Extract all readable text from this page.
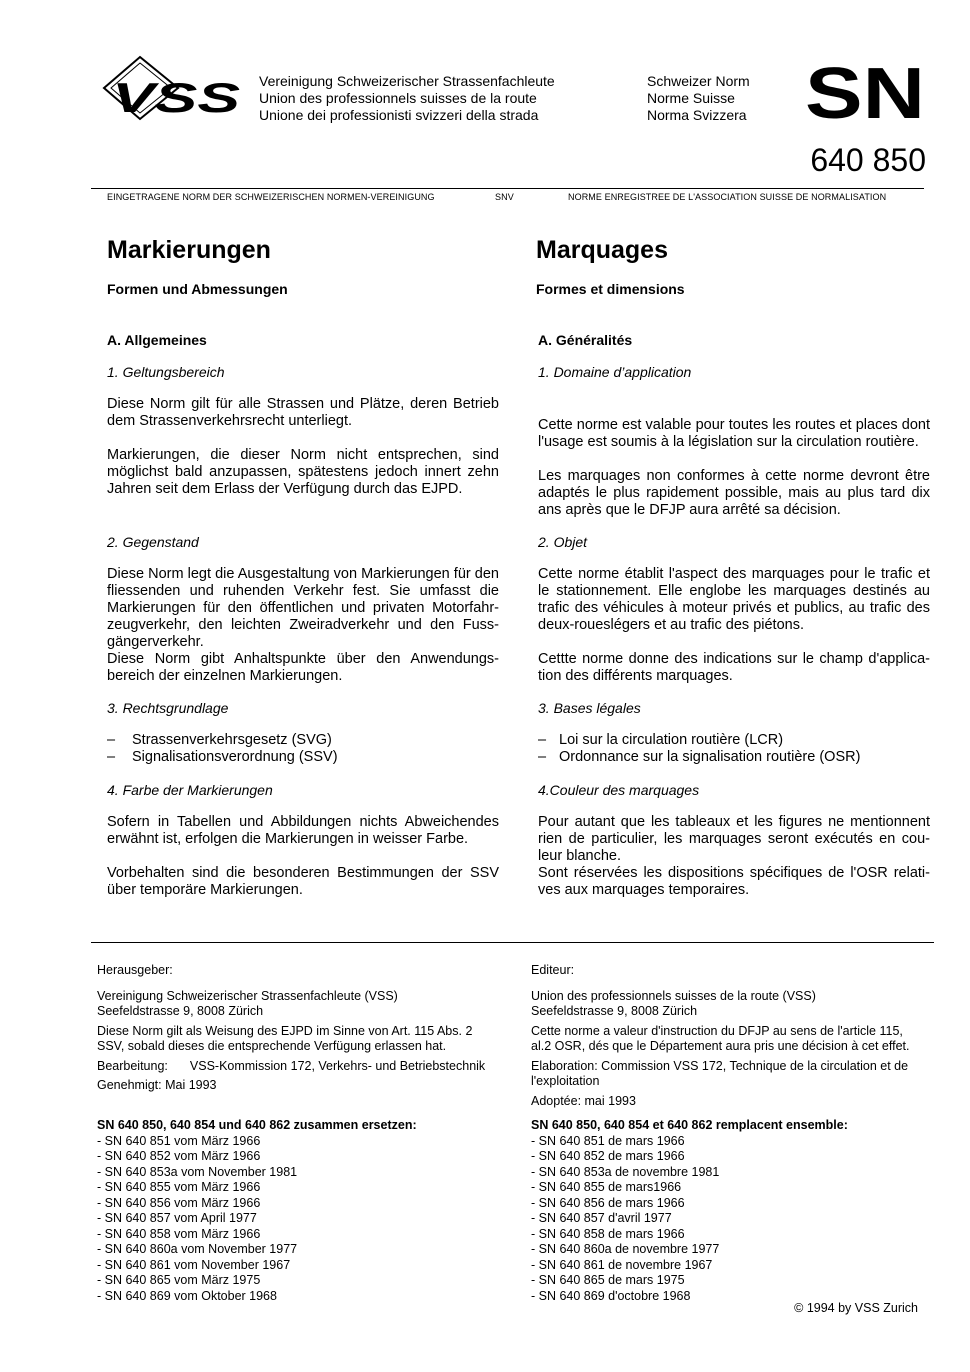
VSS Vereinigung Schweizerischer Strassenfachleute
Union des professionnels suisses de la route
Unione dei professionisti svizzeri della strada
Schweizer Norm
Norme Suisse
Norma Svizzera SN
640 850
EINGETRAGENE NORM DER SCHWEIZERISCHEN NORMEN-VEREINIGUNG	SNV	NORME ENREGISTREE DE L'ASSOCIATION SUISSE DE NORMALISATION
Markierungen
Formen und Abmessungen
A. Allgemeines
1. Geltungsbereich

Diese Norm gilt für alle Strassen und Plätze, deren Betrieb dem Strassenverkehrsrecht unterliegt.

Markierungen, die dieser Norm nicht entsprechen, sind möglichst bald anzupassen, spätestens jedoch innert zehn Jahren seit dem Erlass der Verfügung durch das EJPD.

2. Gegenstand

Diese Norm legt die Ausgestaltung von Markierungen für den fliessenden und ruhenden Verkehr fest. Sie umfasst die Markierungen für den öffentlichen und privaten Motorfahr-zeugverkehr, den leichten Zweiradverkehr und den Fuss-gängerverkehr.

Diese Norm gibt Anhaltspunkte über den Anwendungs-bereich der einzelnen Markierungen.

3. Rechtsgrundlage
– Strassenverkehrsgesetz (SVG)
– Signalisationsverordnung (SSV)
4. Farbe der Markierungen

Sofern in Tabellen und Abbildungen nichts Abweichendes erwähnt ist, erfolgen die Markierungen in weisser Farbe.

Vorbehalten sind die besonderen Bestimmungen der SSV über temporäre Markierungen.

Marquages
Formes et dimensions
A. Généralités
1. Domaine d’application

Cette norme est valable pour toutes les routes et places dont l'usage est soumis à la législation sur la circulation routière.

Les marquages non conformes à cette norme devront être adaptés le plus rapidement possible, mais au plus tard dix ans après que le DFJP aura arrêté sa décision.

2. Objet

Cette norme établit l'aspect des marquages pour le trafic et le stationnement. Elle englobe les marquages destinés au trafic des véhicules à moteur privés et publics, au trafic des deux-roueslégers et au trafic des piétons.

Cettte norme donne des indications sur le champ d'applica-tion des différents marquages.

3. Bases légales
– Loi sur la circulation routière (LCR)
– Ordonnance sur la signalisation routière (OSR)
4.Couleur des marquages

Pour autant que les tableaux et les figures ne mentionnent rien de particulier, les marquages seront exécutés en cou-leur blanche.

Sont réservées les dispositions spécifiques de l'OSR relati-ves aux marquages temporaires.

Herausgeber:

Vereinigung Schweizerischer Strassenfachleute (VSS)

Seefeldstrasse 9, 8008 Zürich

Diese Norm gilt als Weisung des EJPD im Sinne von Art. 115 Abs. 2

SSV, sobald dieses die entsprechende Verfügung erlassen hat.

Bearbeitung: VSS-Kommission 172, Verkehrs- und Betriebstechnik

Genehmigt: Mai 1993

SN 640 850, 640 854 und 640 862 zusammen ersetzen:

- SN 640 851 vom März 1966

- SN 640 852 vom März 1966

- SN 640 853a vom November 1981

- SN 640 855 vom März 1966

- SN 640 856 vom März 1966

- SN 640 857 vom April 1977

- SN 640 858 vom März 1966

- SN 640 860a vom November 1977

- SN 640 861 vom November 1967

- SN 640 865 vom März 1975

- SN 640 869 vom Oktober 1968

Editeur:

Union des professionnels suisses de la route (VSS)

Seefeldstrasse 9, 8008 Zürich

Cette norme a valeur d'instruction du DFJP au sens de l'article 115,

al.2 OSR, dés que le Département aura pris une décision à cet effet.

Elaboration: Commission VSS 172, Technique de la circulation et de

l'exploitation

Adoptée: mai 1993

SN 640 850, 640 854 et 640 862 remplacent ensemble:

- SN 640 851 de mars 1966

- SN 640 852 de mars 1966

- SN 640 853a de novembre 1981

- SN 640 855 de mars1966

- SN 640 856 de mars 1966

- SN 640 857 d'avril 1977

- SN 640 858 de mars 1966

- SN 640 860a de novembre 1977

- SN 640 861 de novembre 1967

- SN 640 865 de mars 1975

- SN 640 869 d'octobre 1968

© 1994 by VSS Zurich
